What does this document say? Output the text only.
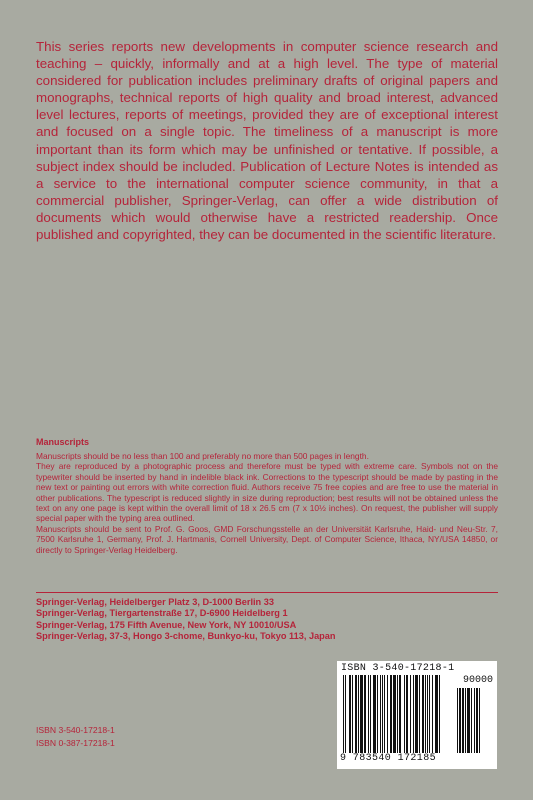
This series reports new developments in computer science research and teaching – quickly, informally and at a high level. The type of material considered for publication includes preliminary drafts of original papers and monographs, technical reports of high quality and broad interest, advanced level lectures, reports of meetings, provided they are of exceptional interest and focused on a single topic. The timeliness of a manuscript is more important than its form which may be unfinished or tentative. If possible, a subject index should be included. Publication of Lecture Notes is intended as a service to the international computer science community, in that a commercial publisher, Springer-Verlag, can offer a wide distribution of documents which would otherwise have a restricted readership. Once published and copyrighted, they can be documented in the scientific literature.

Manuscripts

Manuscripts should be no less than 100 and preferably no more than 500 pages in length.

They are reproduced by a photographic process and therefore must be typed with extreme care. Symbols not on the typewriter should be inserted by hand in indelible black ink. Corrections to the typescript should be made by pasting in the new text or painting out errors with white correction fluid. Authors receive 75 free copies and are free to use the material in other publications. The typescript is reduced slightly in size during reproduction; best results will not be obtained unless the text on any one page is kept within the overall limit of 18 x 26.5 cm (7 x 10½ inches). On request, the publisher will supply special paper with the typing area outlined.

Manuscripts should be sent to Prof. G. Goos, GMD Forschungsstelle an der Universität Karlsruhe, Haid- und Neu-Str. 7, 7500 Karlsruhe 1, Germany, Prof. J. Hartmanis, Cornell University, Dept. of Computer Science, Ithaca, NY/USA 14850, or directly to Springer-Verlag Heidelberg.

Springer-Verlag, Heidelberger Platz 3, D-1000 Berlin 33
Springer-Verlag, Tiergartenstraße 17, D-6900 Heidelberg 1
Springer-Verlag, 175 Fifth Avenue, New York, NY 10010/USA
Springer-Verlag, 37-3, Hongo 3-chome, Bunkyo-ku, Tokyo 113, Japan
ISBN 3-540-17218-1
90000
9 783540 172185
ISBN 3-540-17218-1
ISBN 0-387-17218-1
